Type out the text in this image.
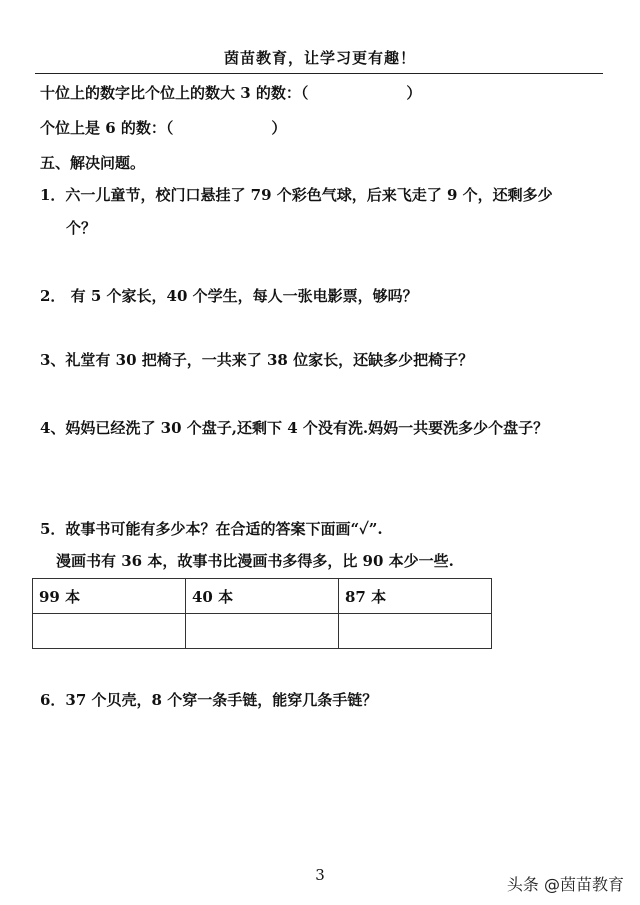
茵苗教育，让学习更有趣！
十位上的数字比个位上的数大 3 的数：（	）
个位上是 6 的数：（	）
五、解决问题。
1．六一儿童节，校门口悬挂了 79 个彩色气球，后来飞走了 9 个，还剩多少
个？
2． 有 5 个家长，40 个学生，每人一张电影票，够吗？
3、礼堂有 30 把椅子，一共来了 38 位家长，还缺多少把椅子？
4、妈妈已经洗了 30 个盘子,还剩下 4 个没有洗.妈妈一共要洗多少个盘子？
5．故事书可能有多少本？在合适的答案下面画“✓”.
漫画书有 36 本，故事书比漫画书多得多，比 90 本少一些.
99 本	40 本	87 本

6．37 个贝壳，8 个穿一条手链，能穿几条手链？
3	头条 @茵苗教育
